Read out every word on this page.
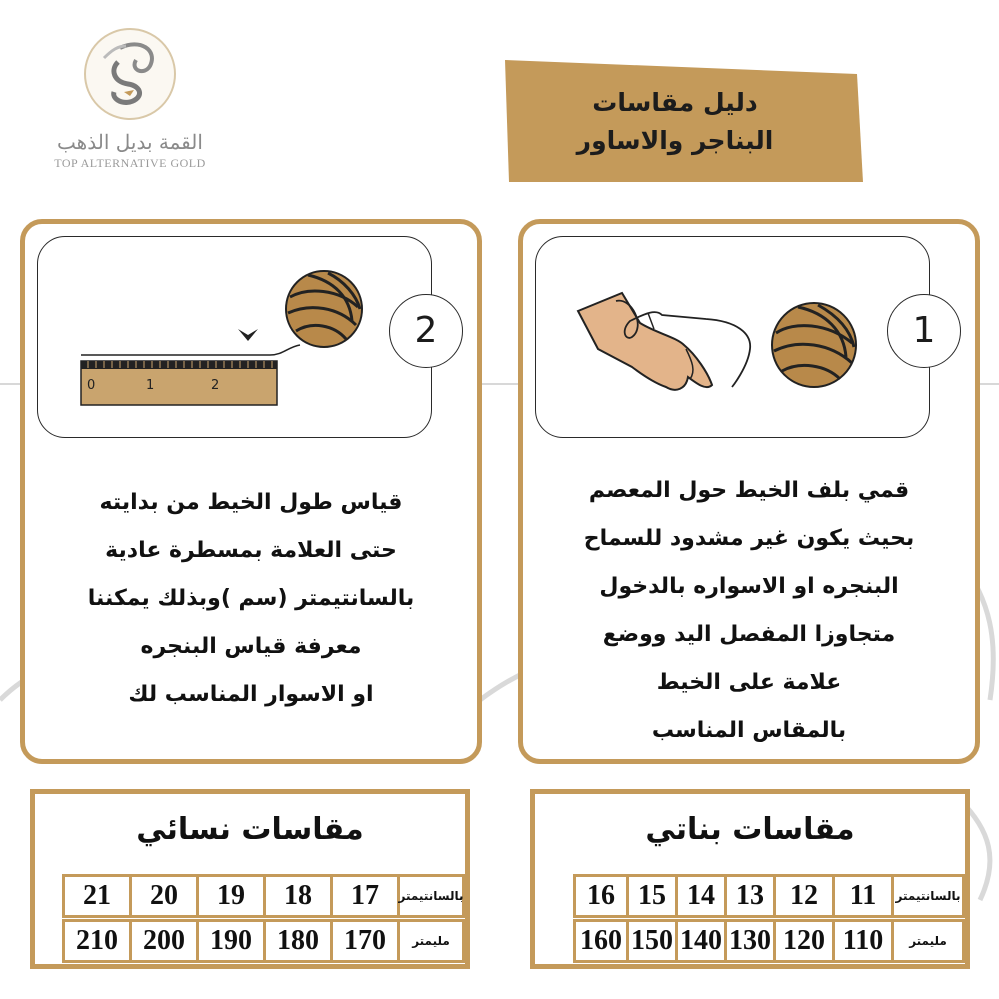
القمة بديل الذهب
TOP ALTERNATIVE GOLD
دليل مقاسات
البناجر والاساور
0	1	2
2
قياس طول الخيط من بدايته
حتى العلامة بمسطرة عادية
بالسانتيمتر (سم )وبذلك يمكننا
معرفة قياس البنجره
او الاسوار المناسب لك
1
قمي بلف الخيط حول المعصم
بحيث يكون غير مشدود للسماح
البنجره او الاسواره بالدخول
متجاوزا المفصل اليد ووضع
علامة على الخيط
بالمقاس المناسب
مقاسات نسائي
بالسانتيمتر
17
18
19
20
21
مليمتر
170
180
190
200
210
مقاسات بناتي
بالسانتيمتر
11
12
13
14
15
16
مليمتر
110
120
130
140
150
160
